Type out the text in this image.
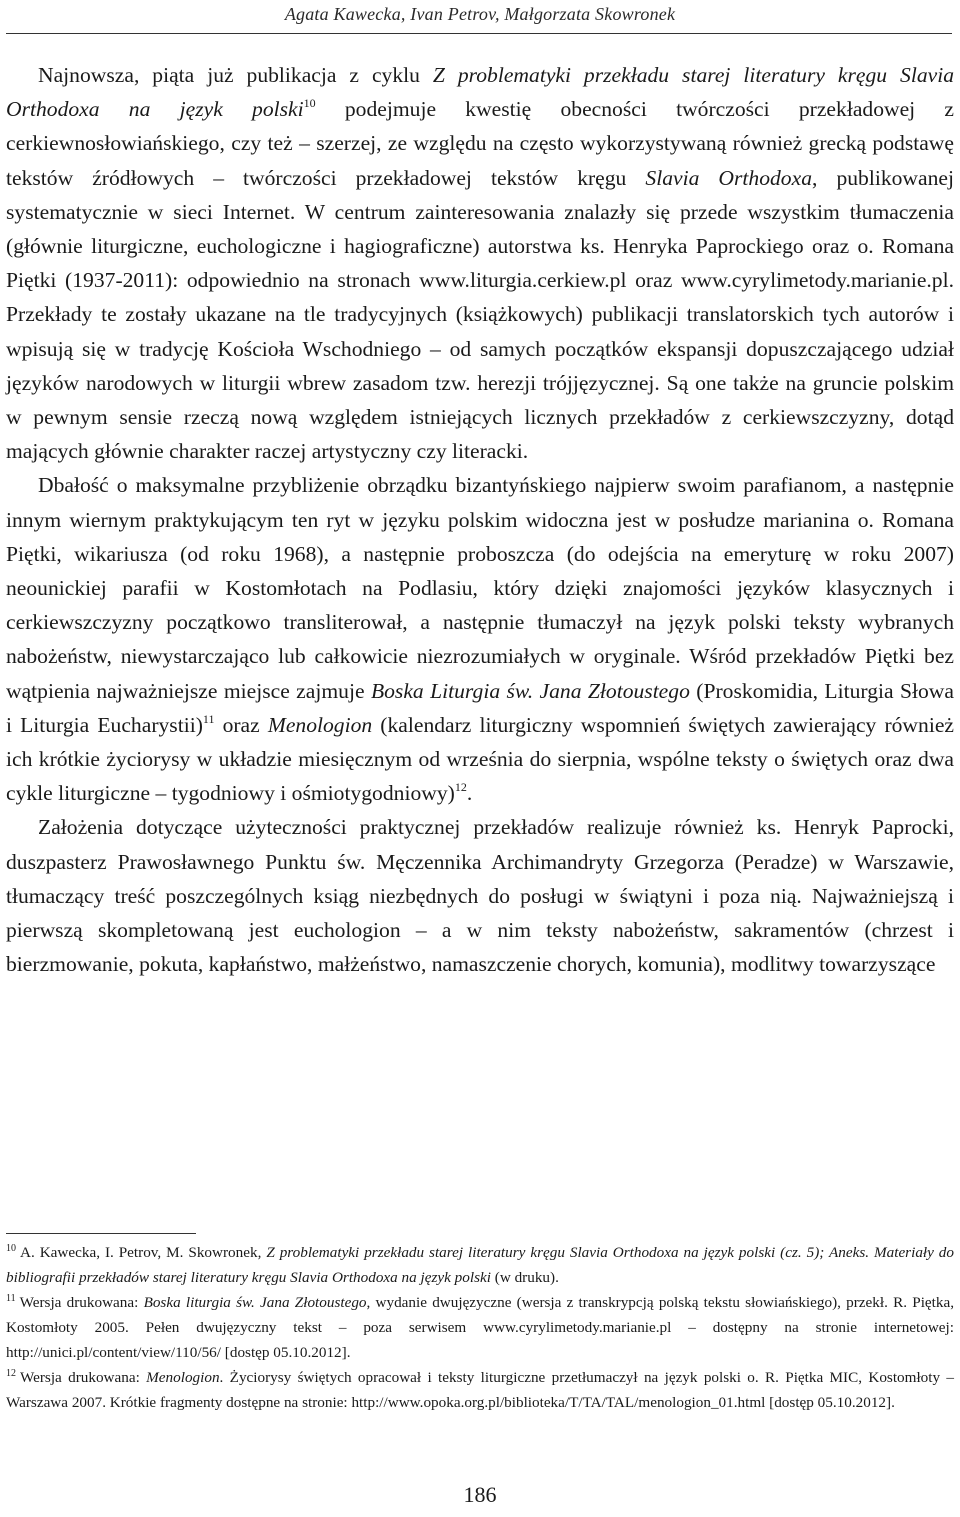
Agata Kawecka, Ivan Petrov, Małgorzata Skowronek

Najnowsza, piąta już publikacja z cyklu Z problematyki przekładu starej literatury kręgu Slavia Orthodoxa na język polski$^{10}$ podejmuje kwestię obecności twórczości przekładowej z cerkiewnosłowiańskiego, czy też – szerzej, ze względu na często wykorzystywaną również grecką podstawę tekstów źródłowych – twórczości przekładowej tekstów kręgu Slavia Orthodoxa, publikowanej systematycznie w sieci Internet. W centrum zainteresowania znalazły się przede wszystkim tłumaczenia (głównie liturgiczne, euchologiczne i hagiograficzne) autorstwa ks. Henryka Paprockiego oraz o. Romana Piętki (1937-2011): odpowiednio na stronach www.liturgia.cerkiew.pl oraz www.cyrylimetody.marianie.pl. Przekłady te zostały ukazane na tle tradycyjnych (książkowych) publikacji translatorskich tych autorów i wpisują się w tradycję Kościoła Wschodniego – od samych początków ekspansji dopuszczającego udział języków narodowych w liturgii wbrew zasadom tzw. herezji trójjęzycznej. Są one także na gruncie polskim w pewnym sensie rzeczą nową względem istniejących licznych przekładów z cerkiewszczyzny, dotąd mających głównie charakter raczej artystyczny czy literacki.

Dbałość o maksymalne przybliżenie obrządku bizantyńskiego najpierw swoim parafianom, a następnie innym wiernym praktykującym ten ryt w języku polskim widoczna jest w posłudze marianina o. Romana Piętki, wikariusza (od roku 1968), a następnie proboszcza (do odejścia na emeryturę w roku 2007) neounickiej parafii w Kostomłotach na Podlasiu, który dzięki znajomości języków klasycznych i cerkiewszczyzny początkowo transliterował, a następnie tłumaczył na język polski teksty wybranych nabożeństw, niewystarczająco lub całkowicie niezrozumiałych w oryginale. Wśród przekładów Piętki bez wątpienia najważniejsze miejsce zajmuje Boska Liturgia św. Jana Złotoustego (Proskomidia, Liturgia Słowa i Liturgia Eucharystii)$^{11}$ oraz Menologion (kalendarz liturgiczny wspomnień świętych zawierający również ich krótkie życiorysy w układzie miesięcznym od września do sierpnia, wspólne teksty o świętych oraz dwa cykle liturgiczne – tygodniowy i ośmiotygodniowy)$^{12}$.

Założenia dotyczące użyteczności praktycznej przekładów realizuje również ks. Henryk Paprocki, duszpasterz Prawosławnego Punktu św. Męczennika Archimandryty Grzegorza (Peradze) w Warszawie, tłumaczący treść poszczególnych ksiąg niezbędnych do posługi w świątyni i poza nią. Najważniejszą i pierwszą skompletowaną jest euchologion – a w nim teksty nabożeństw, sakramentów (chrzest i bierzmowanie, pokuta, kapłaństwo, małżeństwo, namaszczenie chorych, komunia), modlitwy towarzyszące

$^{10}$ A. Kawecka, I. Petrov, M. Skowronek, Z problematyki przekładu starej literatury kręgu Slavia Orthodoxa na język polski (cz. 5); Aneks. Materiały do bibliografii przekładów starej literatury kręgu Slavia Orthodoxa na język polski (w druku).

$^{11}$ Wersja drukowana: Boska liturgia św. Jana Złotoustego, wydanie dwujęzyczne (wersja z transkrypcją polską tekstu słowiańskiego), przekł. R. Piętka, Kostomłoty 2005. Pełen dwujęzyczny tekst – poza serwisem www.cyrylimetody.marianie.pl – dostępny na stronie internetowej: http://unici.pl/content/view/110/56/ [dostęp 05.10.2012].

$^{12}$ Wersja drukowana: Menologion. Życiorysy świętych opracował i teksty liturgiczne przetłumaczył na język polski o. R. Piętka MIC, Kostomłoty – Warszawa 2007. Krótkie fragmenty dostępne na stronie: http://www.opoka.org.pl/biblioteka/T/TA/TAL/menologion_01.html [dostęp 05.10.2012].

186
